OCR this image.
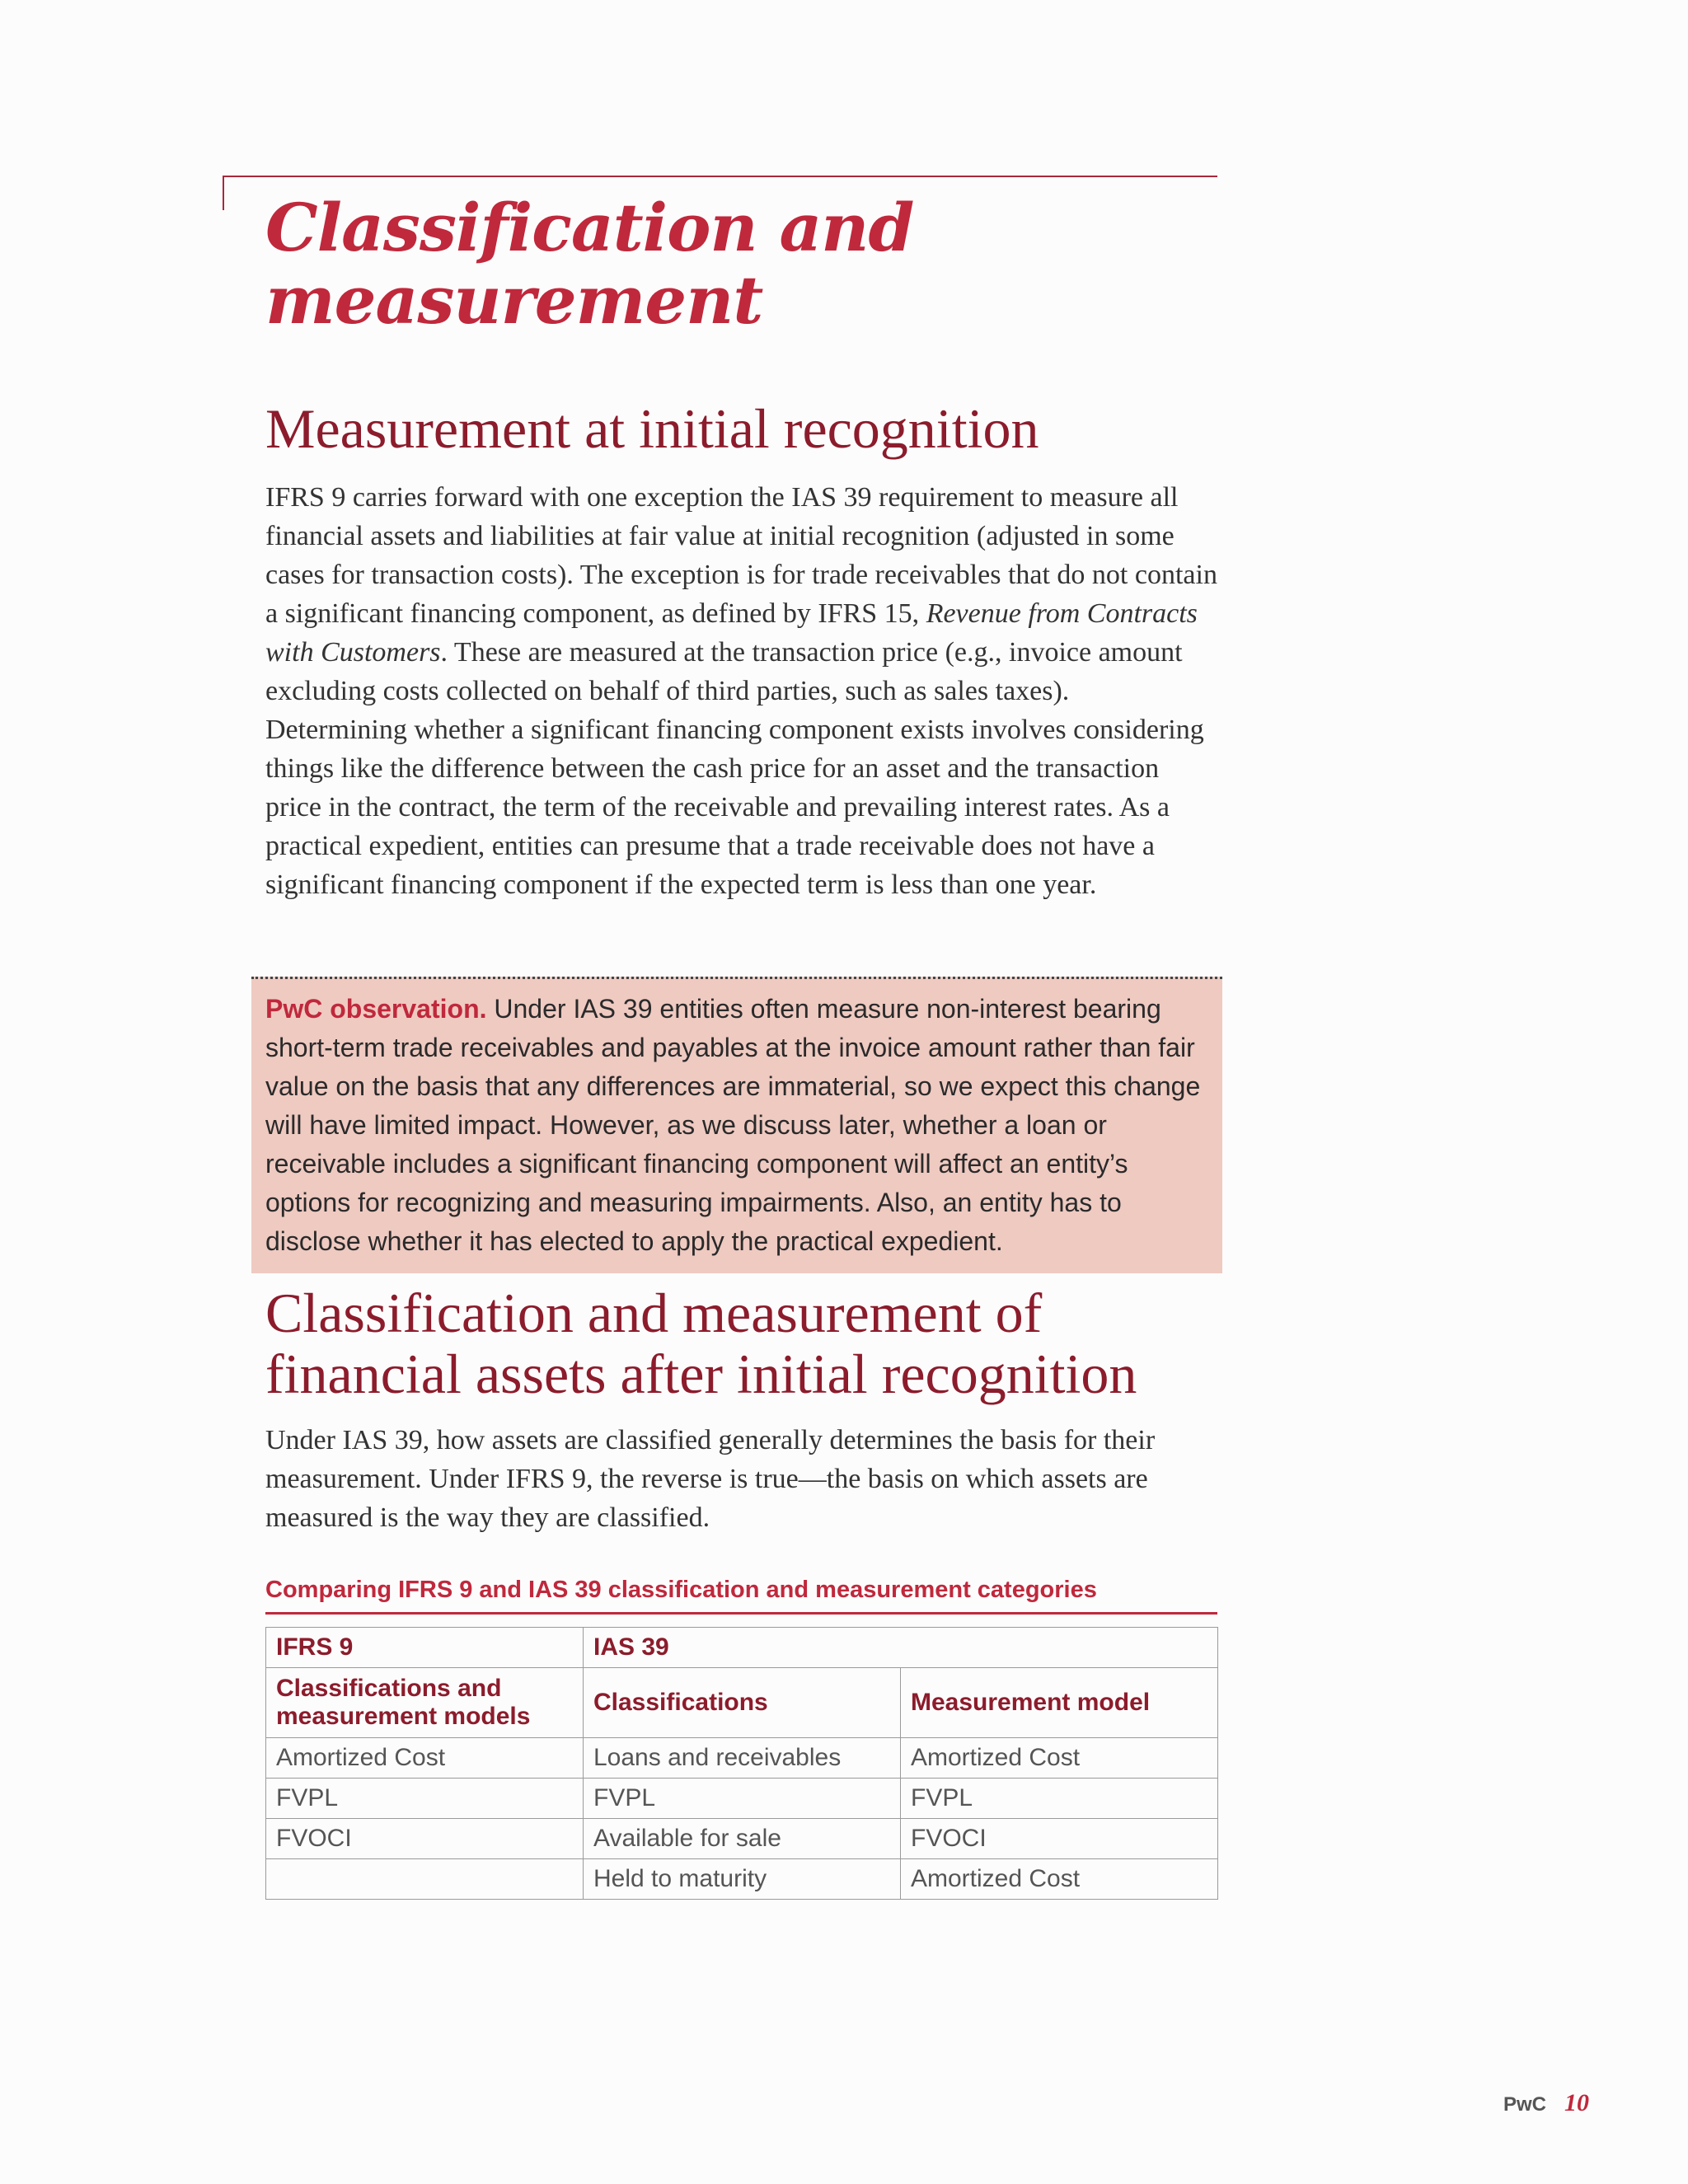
Classification and
measurement
Measurement at initial recognition

IFRS 9 carries forward with one exception the IAS 39 requirement to measure all financial assets and liabilities at fair value at initial recognition (adjusted in some cases for transaction costs). The exception is for trade receivables that do not contain a significant financing component, as defined by IFRS 15, Revenue from Contracts with Customers. These are measured at the transaction price (e.g., invoice amount excluding costs collected on behalf of third parties, such as sales taxes). Determining whether a significant financing component exists involves considering things like the difference between the cash price for an asset and the transaction price in the contract, the term of the receivable and prevailing interest rates. As a practical expedient, entities can presume that a trade receivable does not have a significant financing component if the expected term is less than one year.

PwC observation. Under IAS 39 entities often measure non-interest bearing short-term trade receivables and payables at the invoice amount rather than fair value on the basis that any differences are immaterial, so we expect this change will have limited impact. However, as we discuss later, whether a loan or receivable includes a significant financing component will affect an entity’s options for recognizing and measuring impairments. Also, an entity has to disclose whether it has elected to apply the practical expedient.
Classification and measurement of
financial assets after initial recognition

Under IAS 39, how assets are classified generally determines the basis for their measurement. Under IFRS 9, the reverse is true—the basis on which assets are measured is the way they are classified.

Comparing IFRS 9 and IAS 39 classification and measurement categories
IFRS 9	IAS 39	
Classifications and measurement models	Classifications	Measurement model
Amortized Cost	Loans and receivables	Amortized Cost
FVPL	FVPL	FVPL
FVOCI	Available for sale	FVOCI
	Held to maturity	Amortized Cost
PwC 10
